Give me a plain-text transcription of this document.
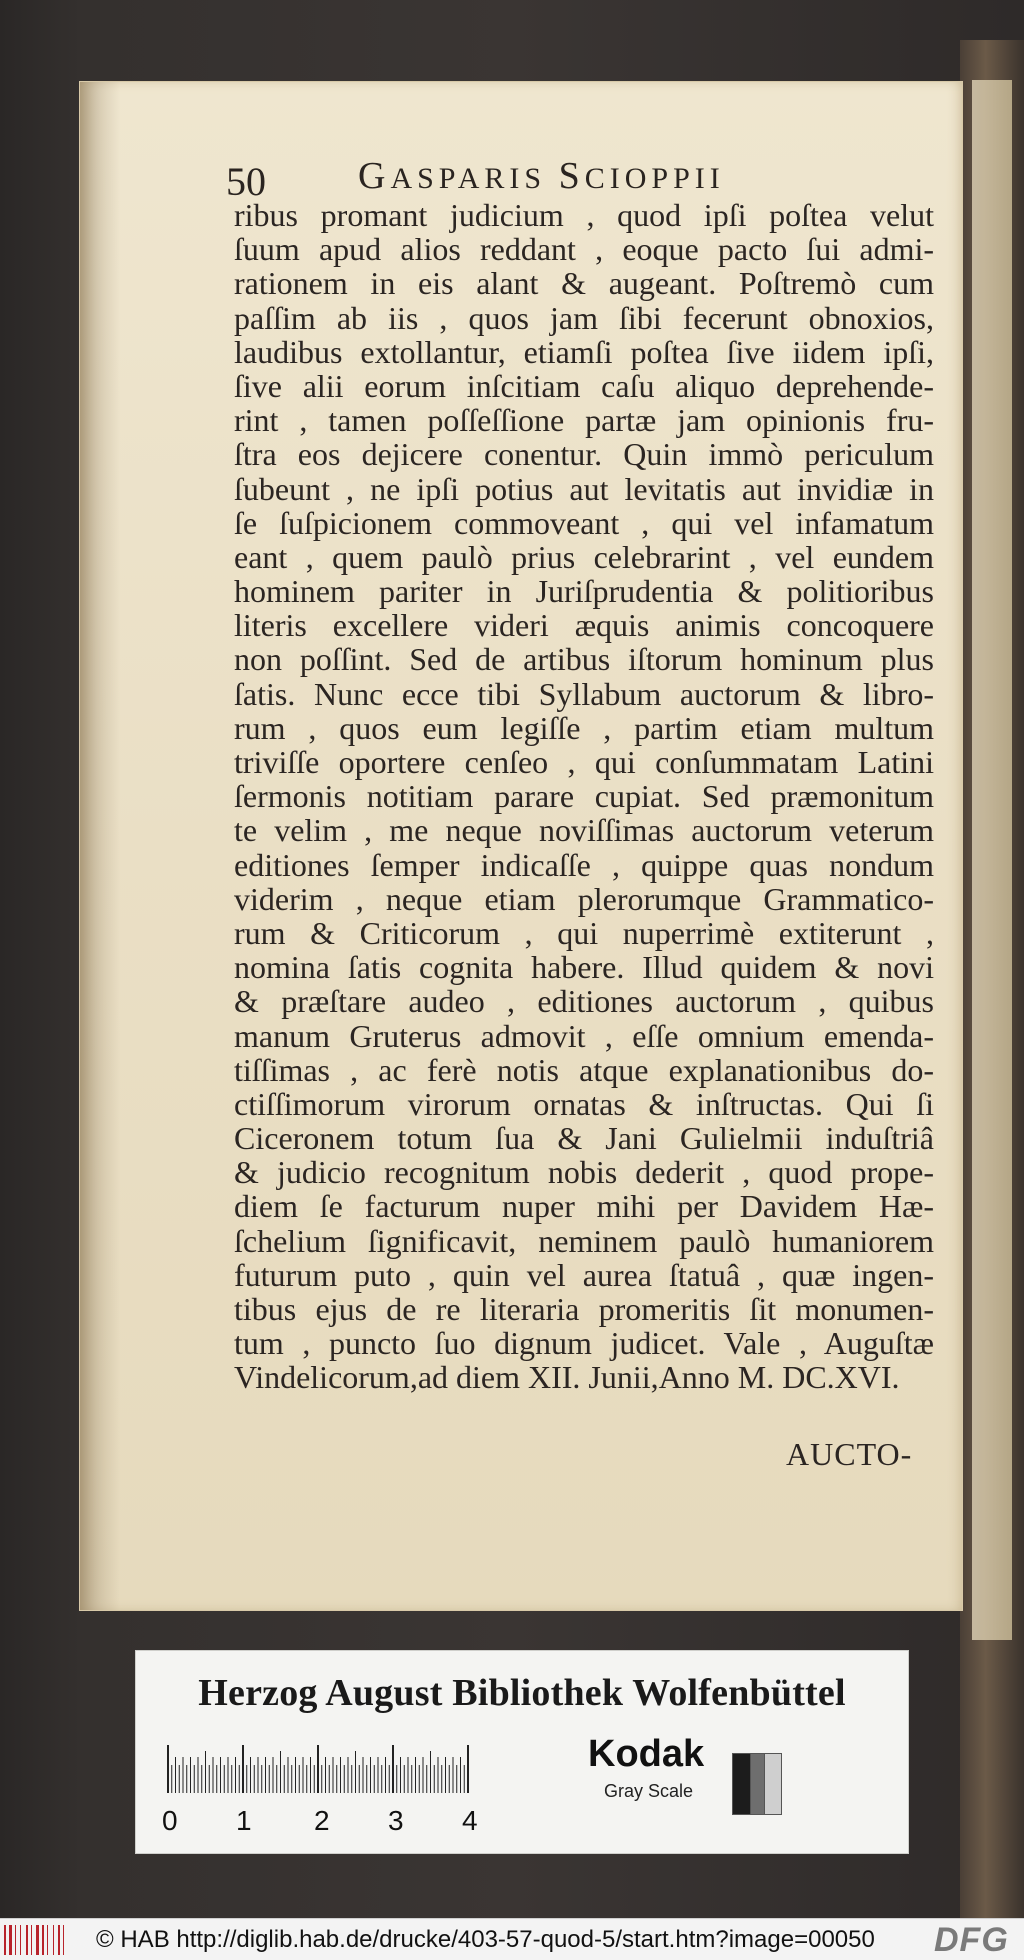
50 GASPARIS SCIOPPII
ribus promant judicium , quod ipſi poſtea velut
ſuum apud alios reddant , eoque pacto ſui admi-
rationem in eis alant & augeant. Poſtremò cum
paſſim ab iis , quos jam ſibi fecerunt obnoxios,
laudibus extollantur, etiamſi poſtea ſive iidem ipſi,
ſive alii eorum inſcitiam caſu aliquo deprehende-
rint , tamen poſſeſſione partæ jam opinionis fru-
ſtra eos dejicere conentur. Quin immò periculum
ſubeunt , ne ipſi potius aut levitatis aut invidiæ in
ſe ſuſpicionem commoveant , qui vel infamatum
eant , quem paulò prius celebrarint , vel eundem
hominem pariter in Juriſprudentia & politioribus
literis excellere videri æquis animis concoquere
non poſſint. Sed de artibus iſtorum hominum plus
ſatis. Nunc ecce tibi Syllabum auctorum & libro-
rum , quos eum legiſſe , partim etiam multum
triviſſe oportere cenſeo , qui conſummatam Latini
ſermonis notitiam parare cupiat. Sed præmonitum
te velim , me neque noviſſimas auctorum veterum
editiones ſemper indicaſſe , quippe quas nondum
viderim , neque etiam plerorumque Grammatico-
rum & Criticorum , qui nuperrimè extiterunt ,
nomina ſatis cognita habere. Illud quidem & novi
& præſtare audeo , editiones auctorum , quibus
manum Gruterus admovit , eſſe omnium emenda-
tiſſimas , ac ferè notis atque explanationibus do-
ctiſſimorum virorum ornatas & inſtructas. Qui ſi
Ciceronem totum ſua & Jani Gulielmii induſtriâ
& judicio recognitum nobis dederit , quod prope-
diem ſe facturum nuper mihi per Davidem Hæ-
ſchelium ſignificavit, neminem paulò humaniorem
futurum puto , quin vel aurea ſtatuâ , quæ ingen-
tibus ejus de re literaria promeritis ſit monumen-
tum , puncto ſuo dignum judicet. Vale , Auguſtæ
Vindelicorum,ad diem XII. Junii,Anno M. DC.XVI.
AUCTO-
Herzog August Bibliothek Wolfenbüttel
0 1 2 3 4
Kodak
Gray Scale
© HAB http://diglib.hab.de/drucke/403-57-quod-5/start.htm?image=00050 DFG
